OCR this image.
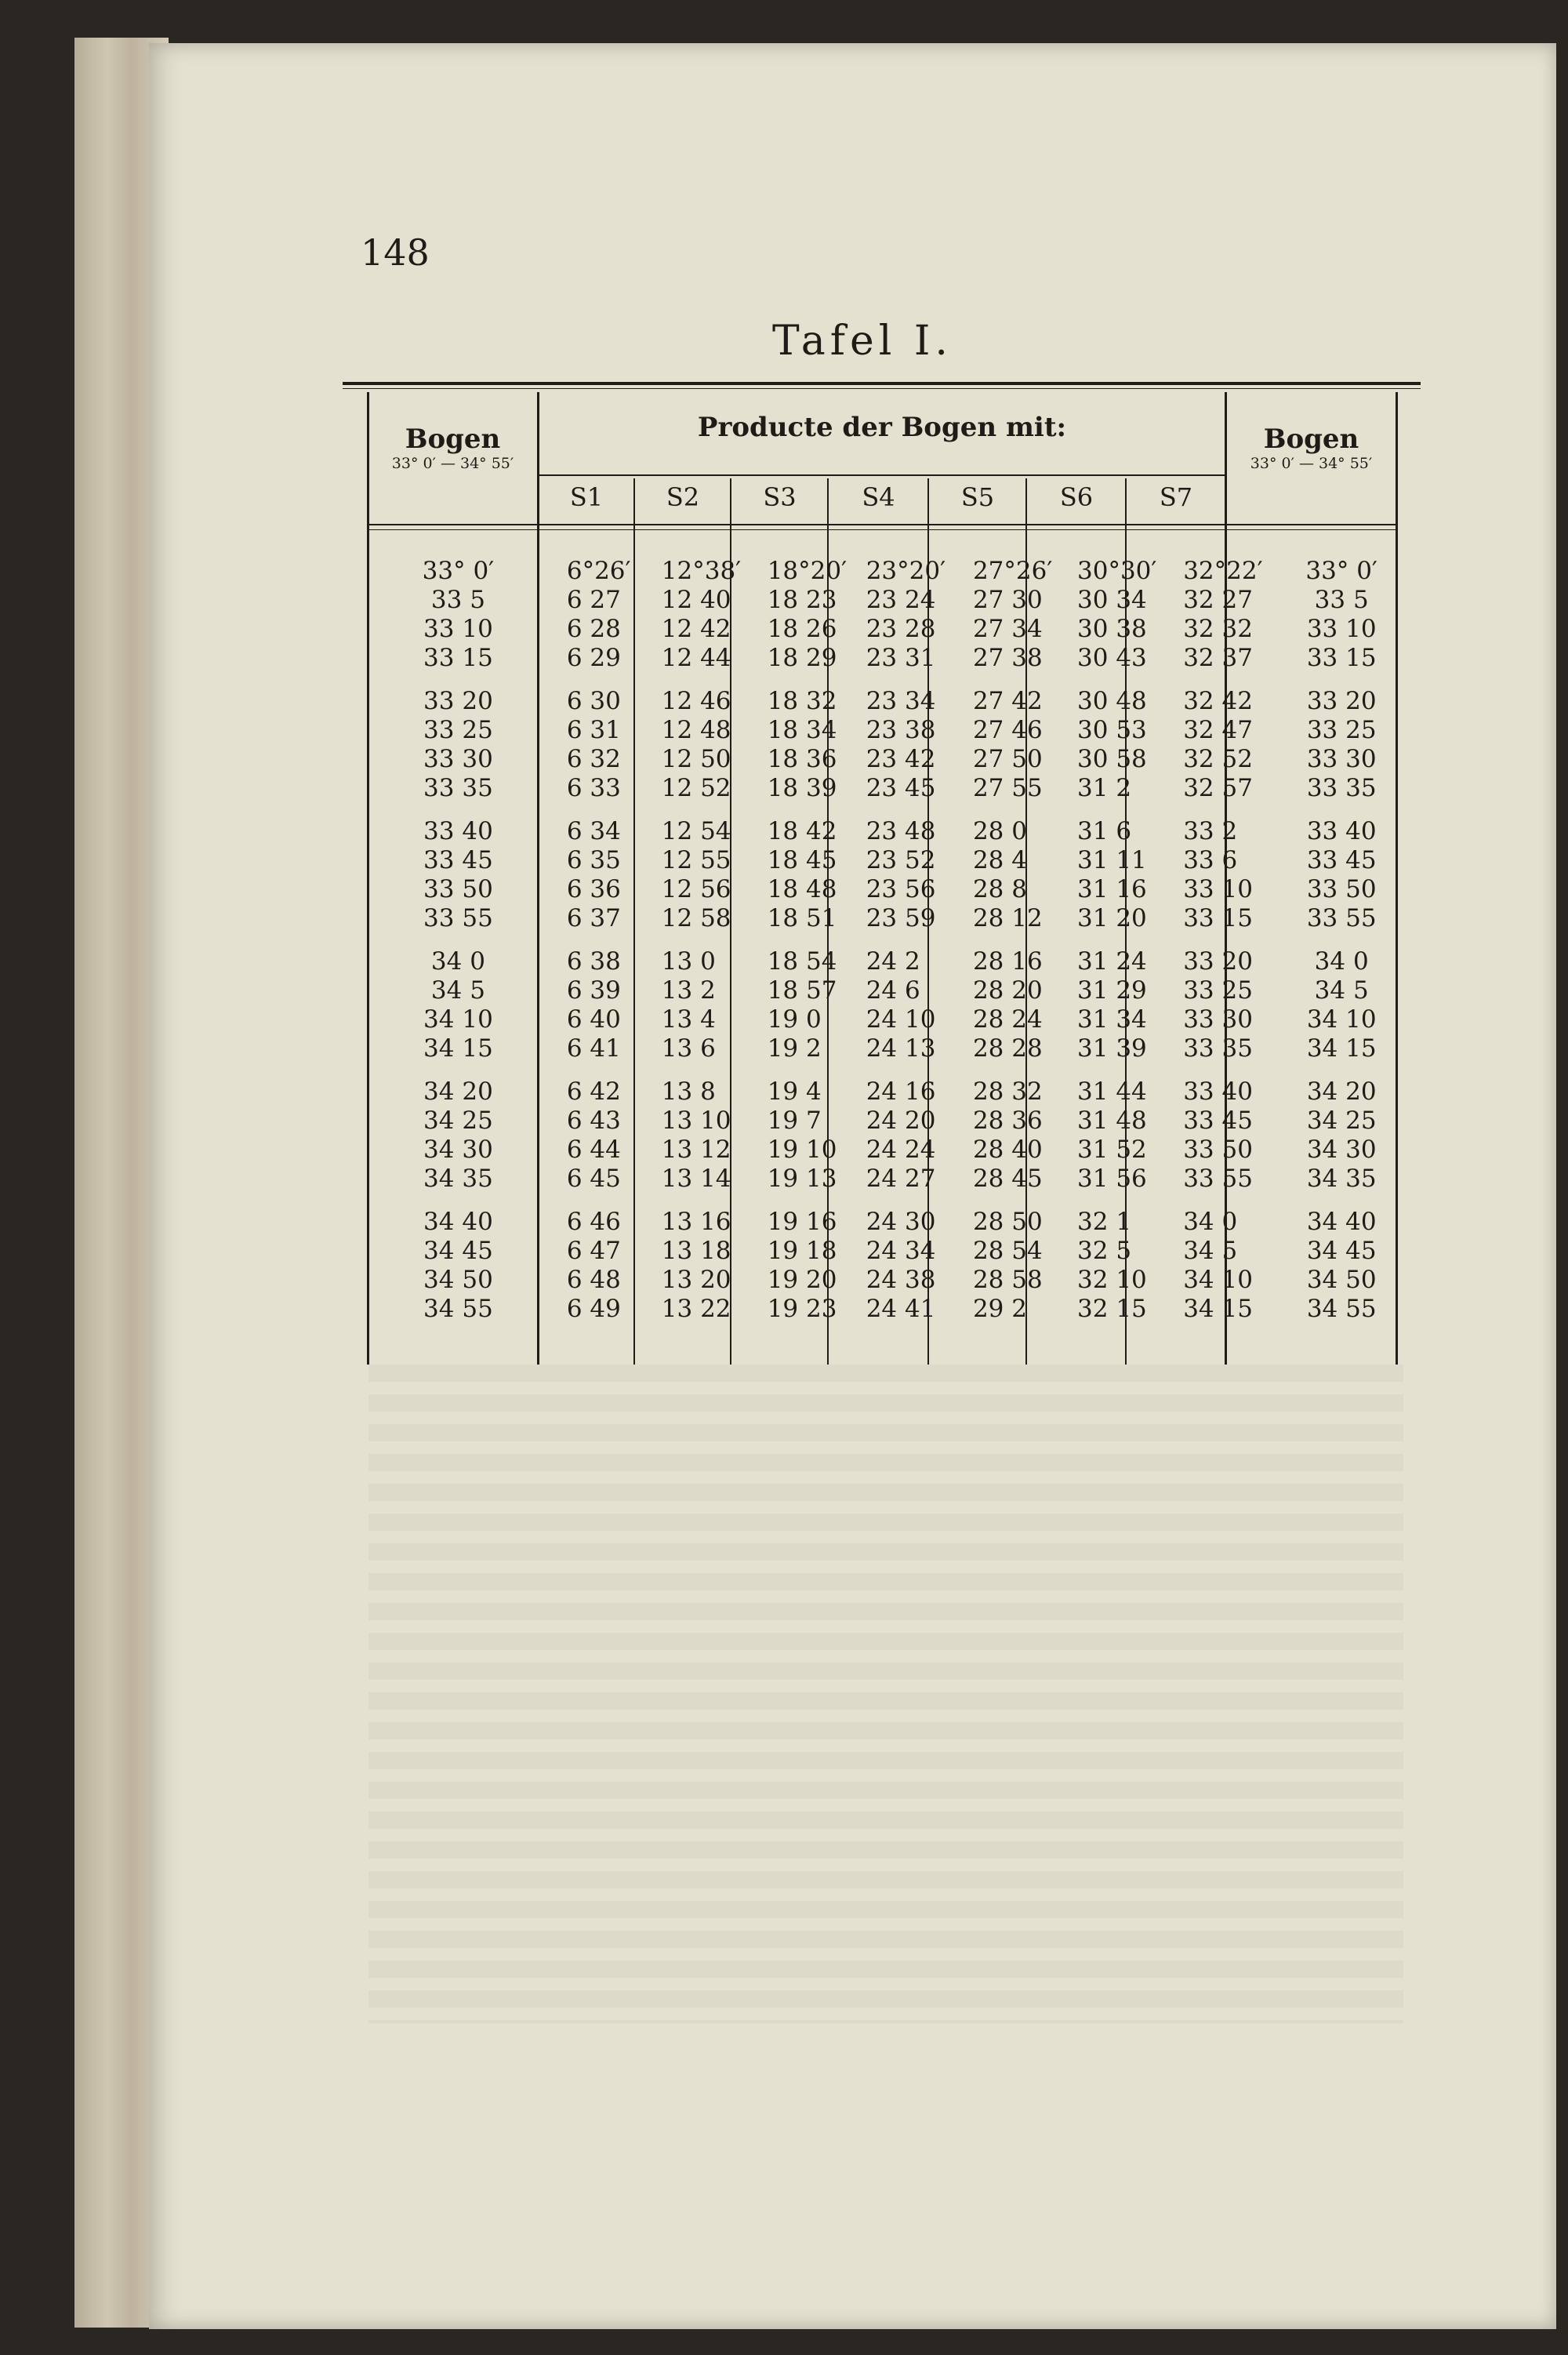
148
Tafel I.
Bogen
33° 0′ — 34° 55′
Producte der Bogen mit:	Bogen
33° 0′ — 34° 55′
S1	S2	S3	S4	S5	S6	S7
33° 0′	6°26′	12°38′	18°20′	23°20′	27°26′	30°30′	32°22′	33° 0′
33 5	6 27	12 40	18 23	23 24	27 30	30 34	32 27	33 5
33 10	6 28	12 42	18 26	23 28	27 34	30 38	32 32	33 10
33 15	6 29	12 44	18 29	23 31	27 38	30 43	32 37	33 15
33 20	6 30	12 46	18 32	23 34	27 42	30 48	32 42	33 20
33 25	6 31	12 48	18 34	23 38	27 46	30 53	32 47	33 25
33 30	6 32	12 50	18 36	23 42	27 50	30 58	32 52	33 30
33 35	6 33	12 52	18 39	23 45	27 55	31 2	32 57	33 35
33 40	6 34	12 54	18 42	23 48	28 0	31 6	33 2	33 40
33 45	6 35	12 55	18 45	23 52	28 4	31 11	33 6	33 45
33 50	6 36	12 56	18 48	23 56	28 8	31 16	33 10	33 50
33 55	6 37	12 58	18 51	23 59	28 12	31 20	33 15	33 55
34 0	6 38	13 0	18 54	24 2	28 16	31 24	33 20	34 0
34 5	6 39	13 2	18 57	24 6	28 20	31 29	33 25	34 5
34 10	6 40	13 4	19 0	24 10	28 24	31 34	33 30	34 10
34 15	6 41	13 6	19 2	24 13	28 28	31 39	33 35	34 15
34 20	6 42	13 8	19 4	24 16	28 32	31 44	33 40	34 20
34 25	6 43	13 10	19 7	24 20	28 36	31 48	33 45	34 25
34 30	6 44	13 12	19 10	24 24	28 40	31 52	33 50	34 30
34 35	6 45	13 14	19 13	24 27	28 45	31 56	33 55	34 35
34 40	6 46	13 16	19 16	24 30	28 50	32 1	34 0	34 40
34 45	6 47	13 18	19 18	24 34	28 54	32 5	34 5	34 45
34 50	6 48	13 20	19 20	24 38	28 58	32 10	34 10	34 50
34 55	6 49	13 22	19 23	24 41	29 2	32 15	34 15	34 55
